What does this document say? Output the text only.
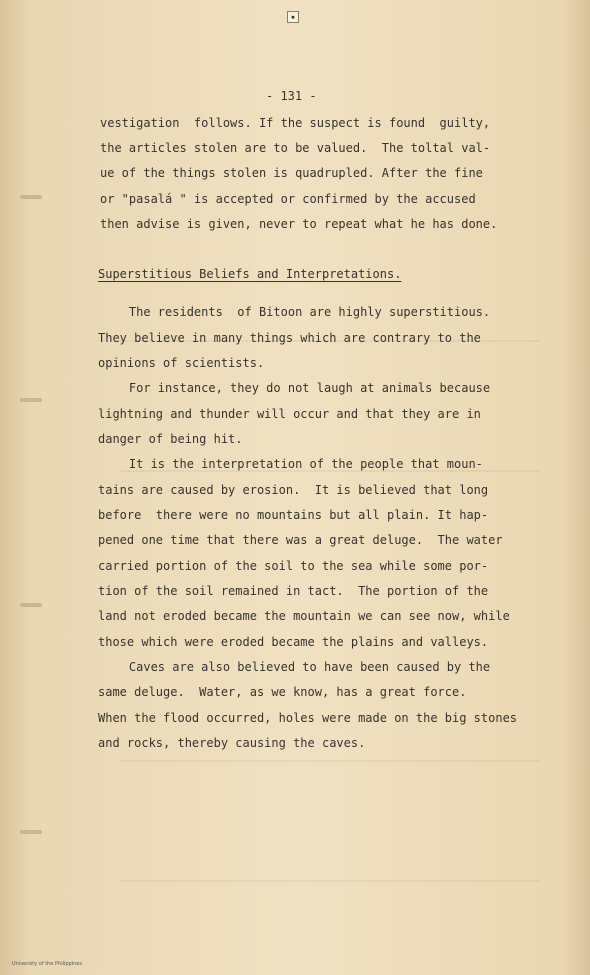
▪
- 131 -
vestigation  follows. If the suspect is found  guilty,
the articles stolen are to be valued.  The toltal val-
ue of the things stolen is quadrupled. After the fine
or "pasalá " is accepted or confirmed by the accused
then advise is given, never to repeat what he has done.
Superstitious Beliefs and Interpretations.
The residents  of Bitoon are highly superstitious.
They believe in many things which are contrary to the
opinions of scientists.
For instance, they do not laugh at animals because
lightning and thunder will occur and that they are in
danger of being hit.
It is the interpretation of the people that moun-
tains are caused by erosion.  It is believed that long
before  there were no mountains but all plain. It hap-
pened one time that there was a great deluge.  The water
carried portion of the soil to the sea while some por-
tion of the soil remained in tact.  The portion of the
land not eroded became the mountain we can see now, while
those which were eroded became the plains and valleys.
Caves are also believed to have been caused by the
same deluge.  Water, as we know, has a great force.
When the flood occurred, holes were made on the big stones
and rocks, thereby causing the caves.
University of the Philippines
